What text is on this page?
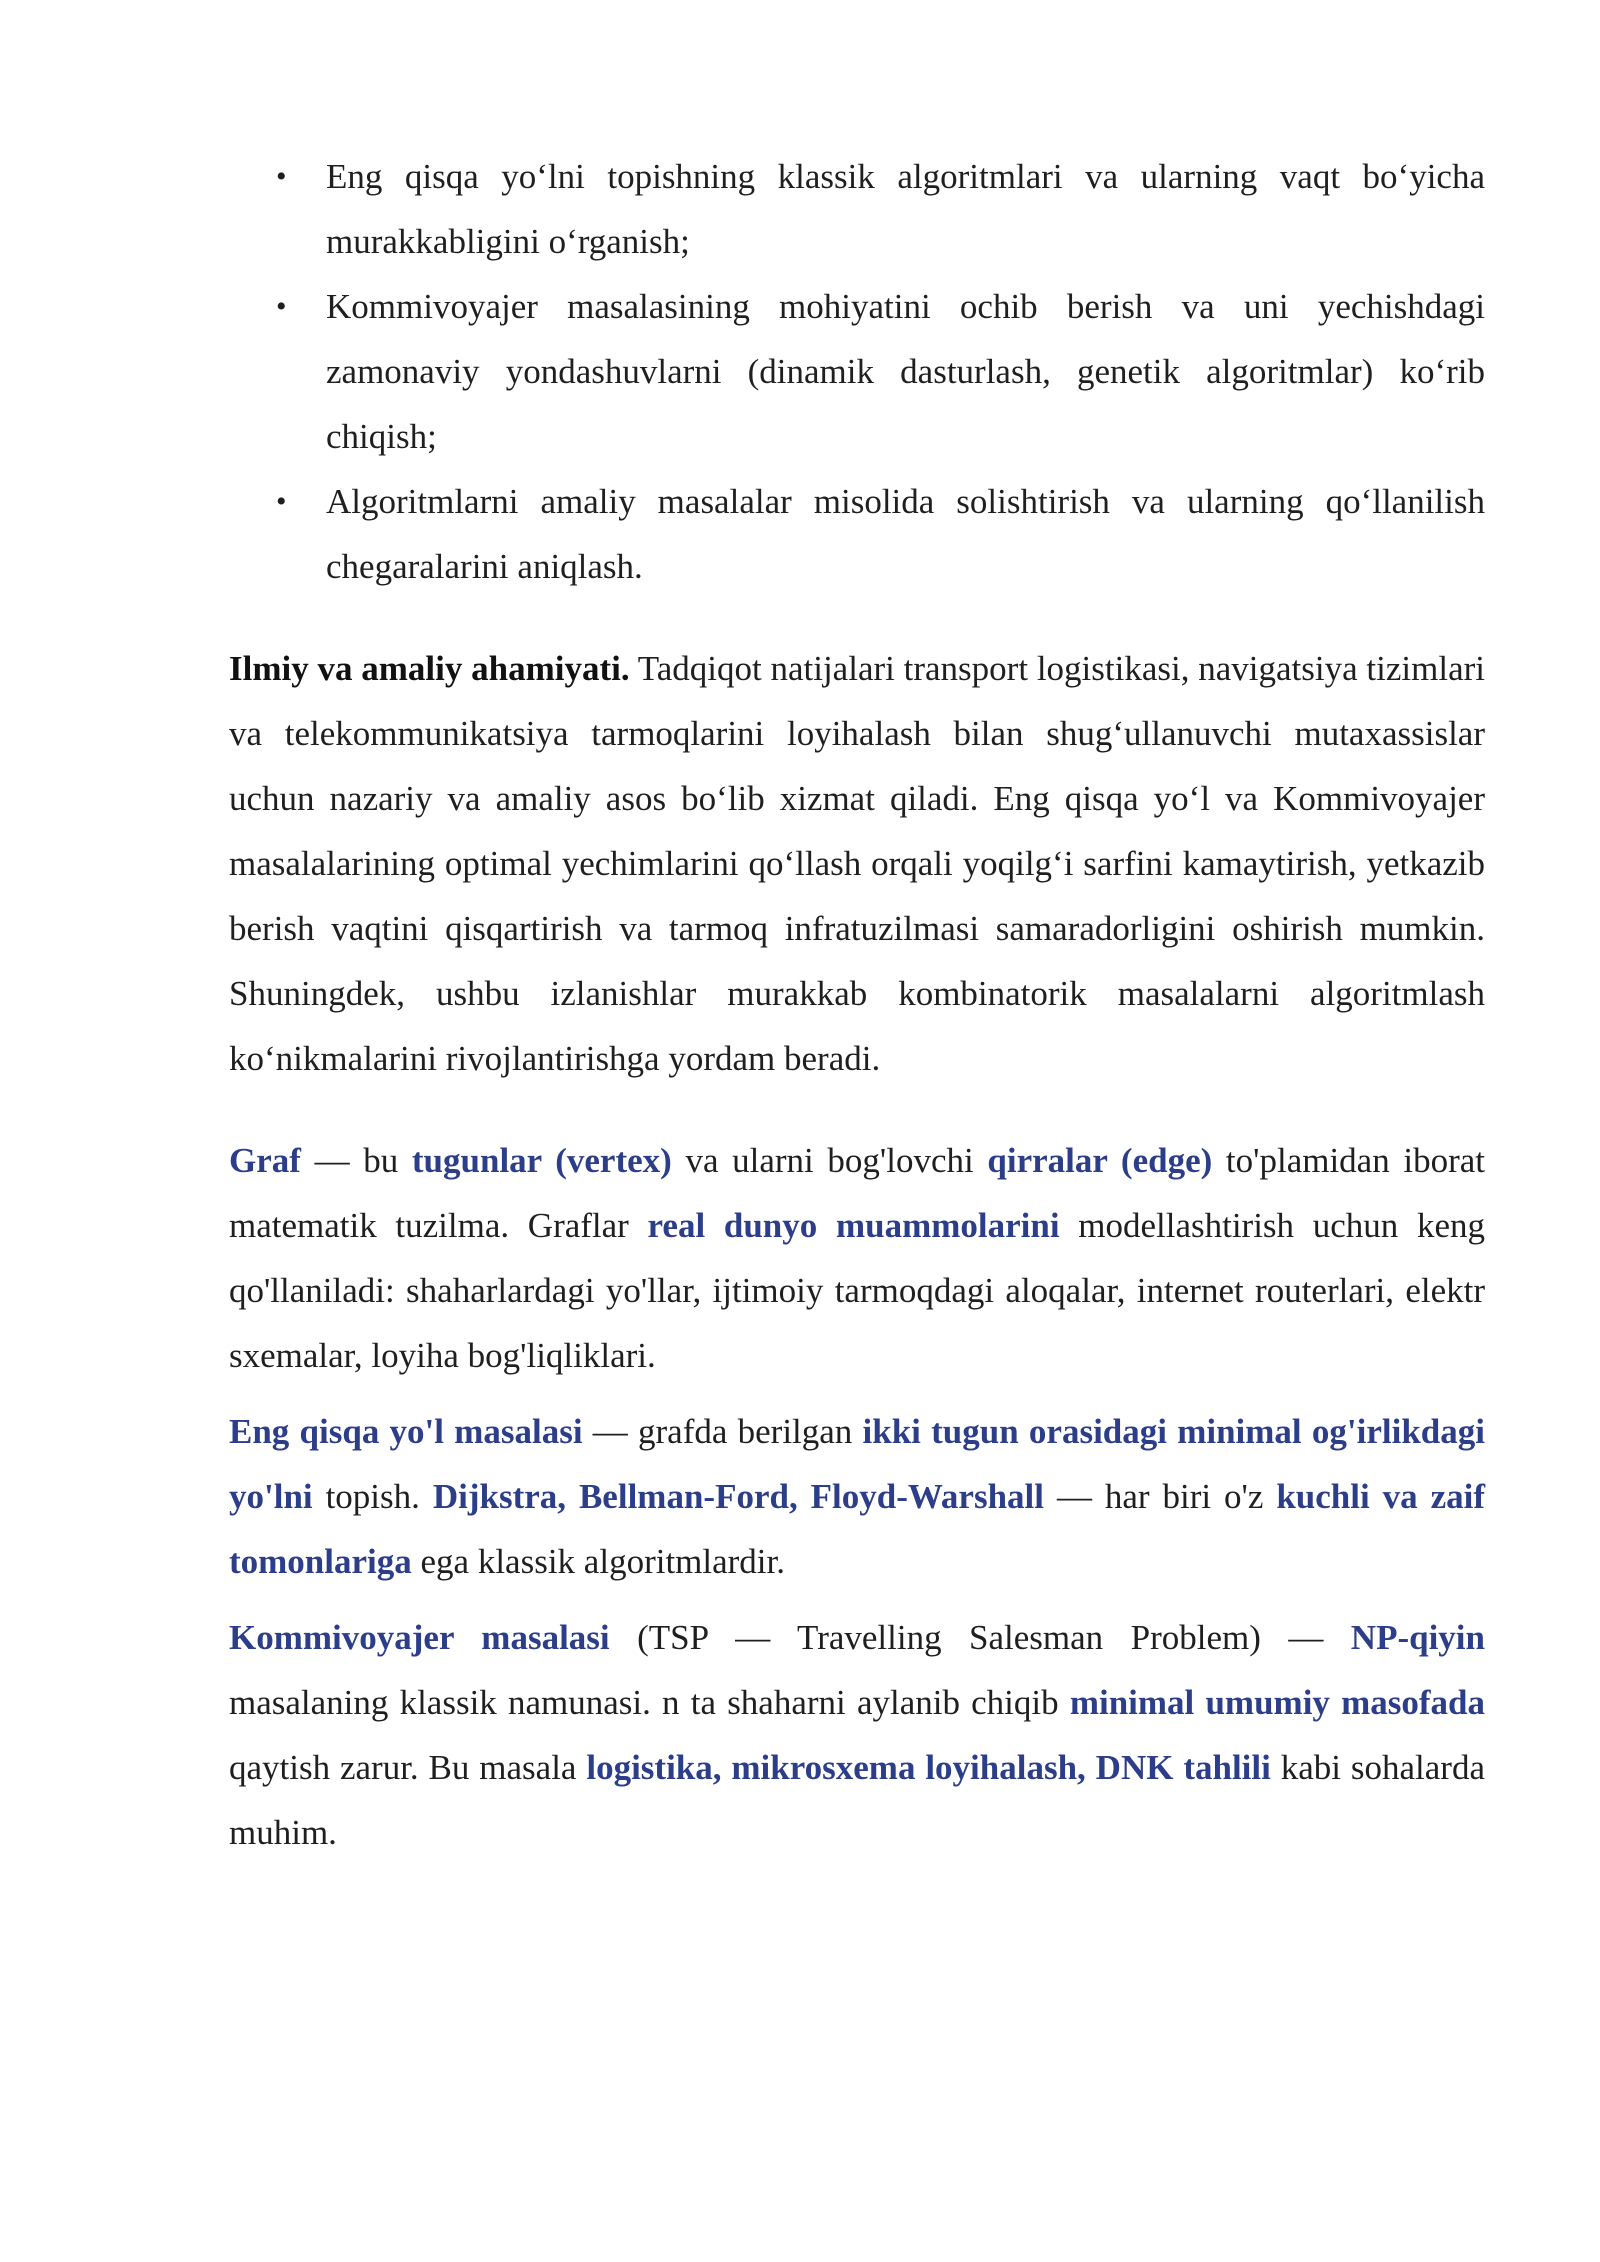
• Eng qisqa yo‘lni topishning klassik algoritmlari va ularning vaqt bo‘yicha murakkabligini o‘rganish;
• Kommivoyajer masalasining mohiyatini ochib berish va uni yechishdagi zamonaviy yondashuvlarni (dinamik dasturlash, genetik algoritmlar) ko‘rib chiqish;
• Algoritmlarni amaliy masalalar misolida solishtirish va ularning qo‘llanilish chegaralarini aniqlash.

Ilmiy va amaliy ahamiyati. Tadqiqot natijalari transport logistikasi, navigatsiya tizimlari va telekommunikatsiya tarmoqlarini loyihalash bilan shug‘ullanuvchi mutaxassislar uchun nazariy va amaliy asos bo‘lib xizmat qiladi. Eng qisqa yo‘l va Kommivoyajer masalalarining optimal yechimlarini qo‘llash orqali yoqilg‘i sarfini kamaytirish, yetkazib berish vaqtini qisqartirish va tarmoq infratuzilmasi samaradorligini oshirish mumkin. Shuningdek, ushbu izlanishlar murakkab kombinatorik masalalarni algoritmlash ko‘nikmalarini rivojlantirishga yordam beradi.

Graf — bu tugunlar (vertex) va ularni bog'lovchi qirralar (edge) to'plamidan iborat matematik tuzilma. Graflar real dunyo muammolarini modellashtirish uchun keng qo'llaniladi: shaharlardagi yo'llar, ijtimoiy tarmoqdagi aloqalar, internet routerlari, elektr sxemalar, loyiha bog'liqliklari.

Eng qisqa yo'l masalasi — grafda berilgan ikki tugun orasidagi minimal og'irlikdagi yo'lni topish. Dijkstra, Bellman-Ford, Floyd-Warshall — har biri o'z kuchli va zaif tomonlariga ega klassik algoritmlardir.

Kommivoyajer masalasi (TSP — Travelling Salesman Problem) — NP-qiyin masalaning klassik namunasi. n ta shaharni aylanib chiqib minimal umumiy masofada qaytish zarur. Bu masala logistika, mikrosxema loyihalash, DNK tahlili kabi sohalarda muhim.
